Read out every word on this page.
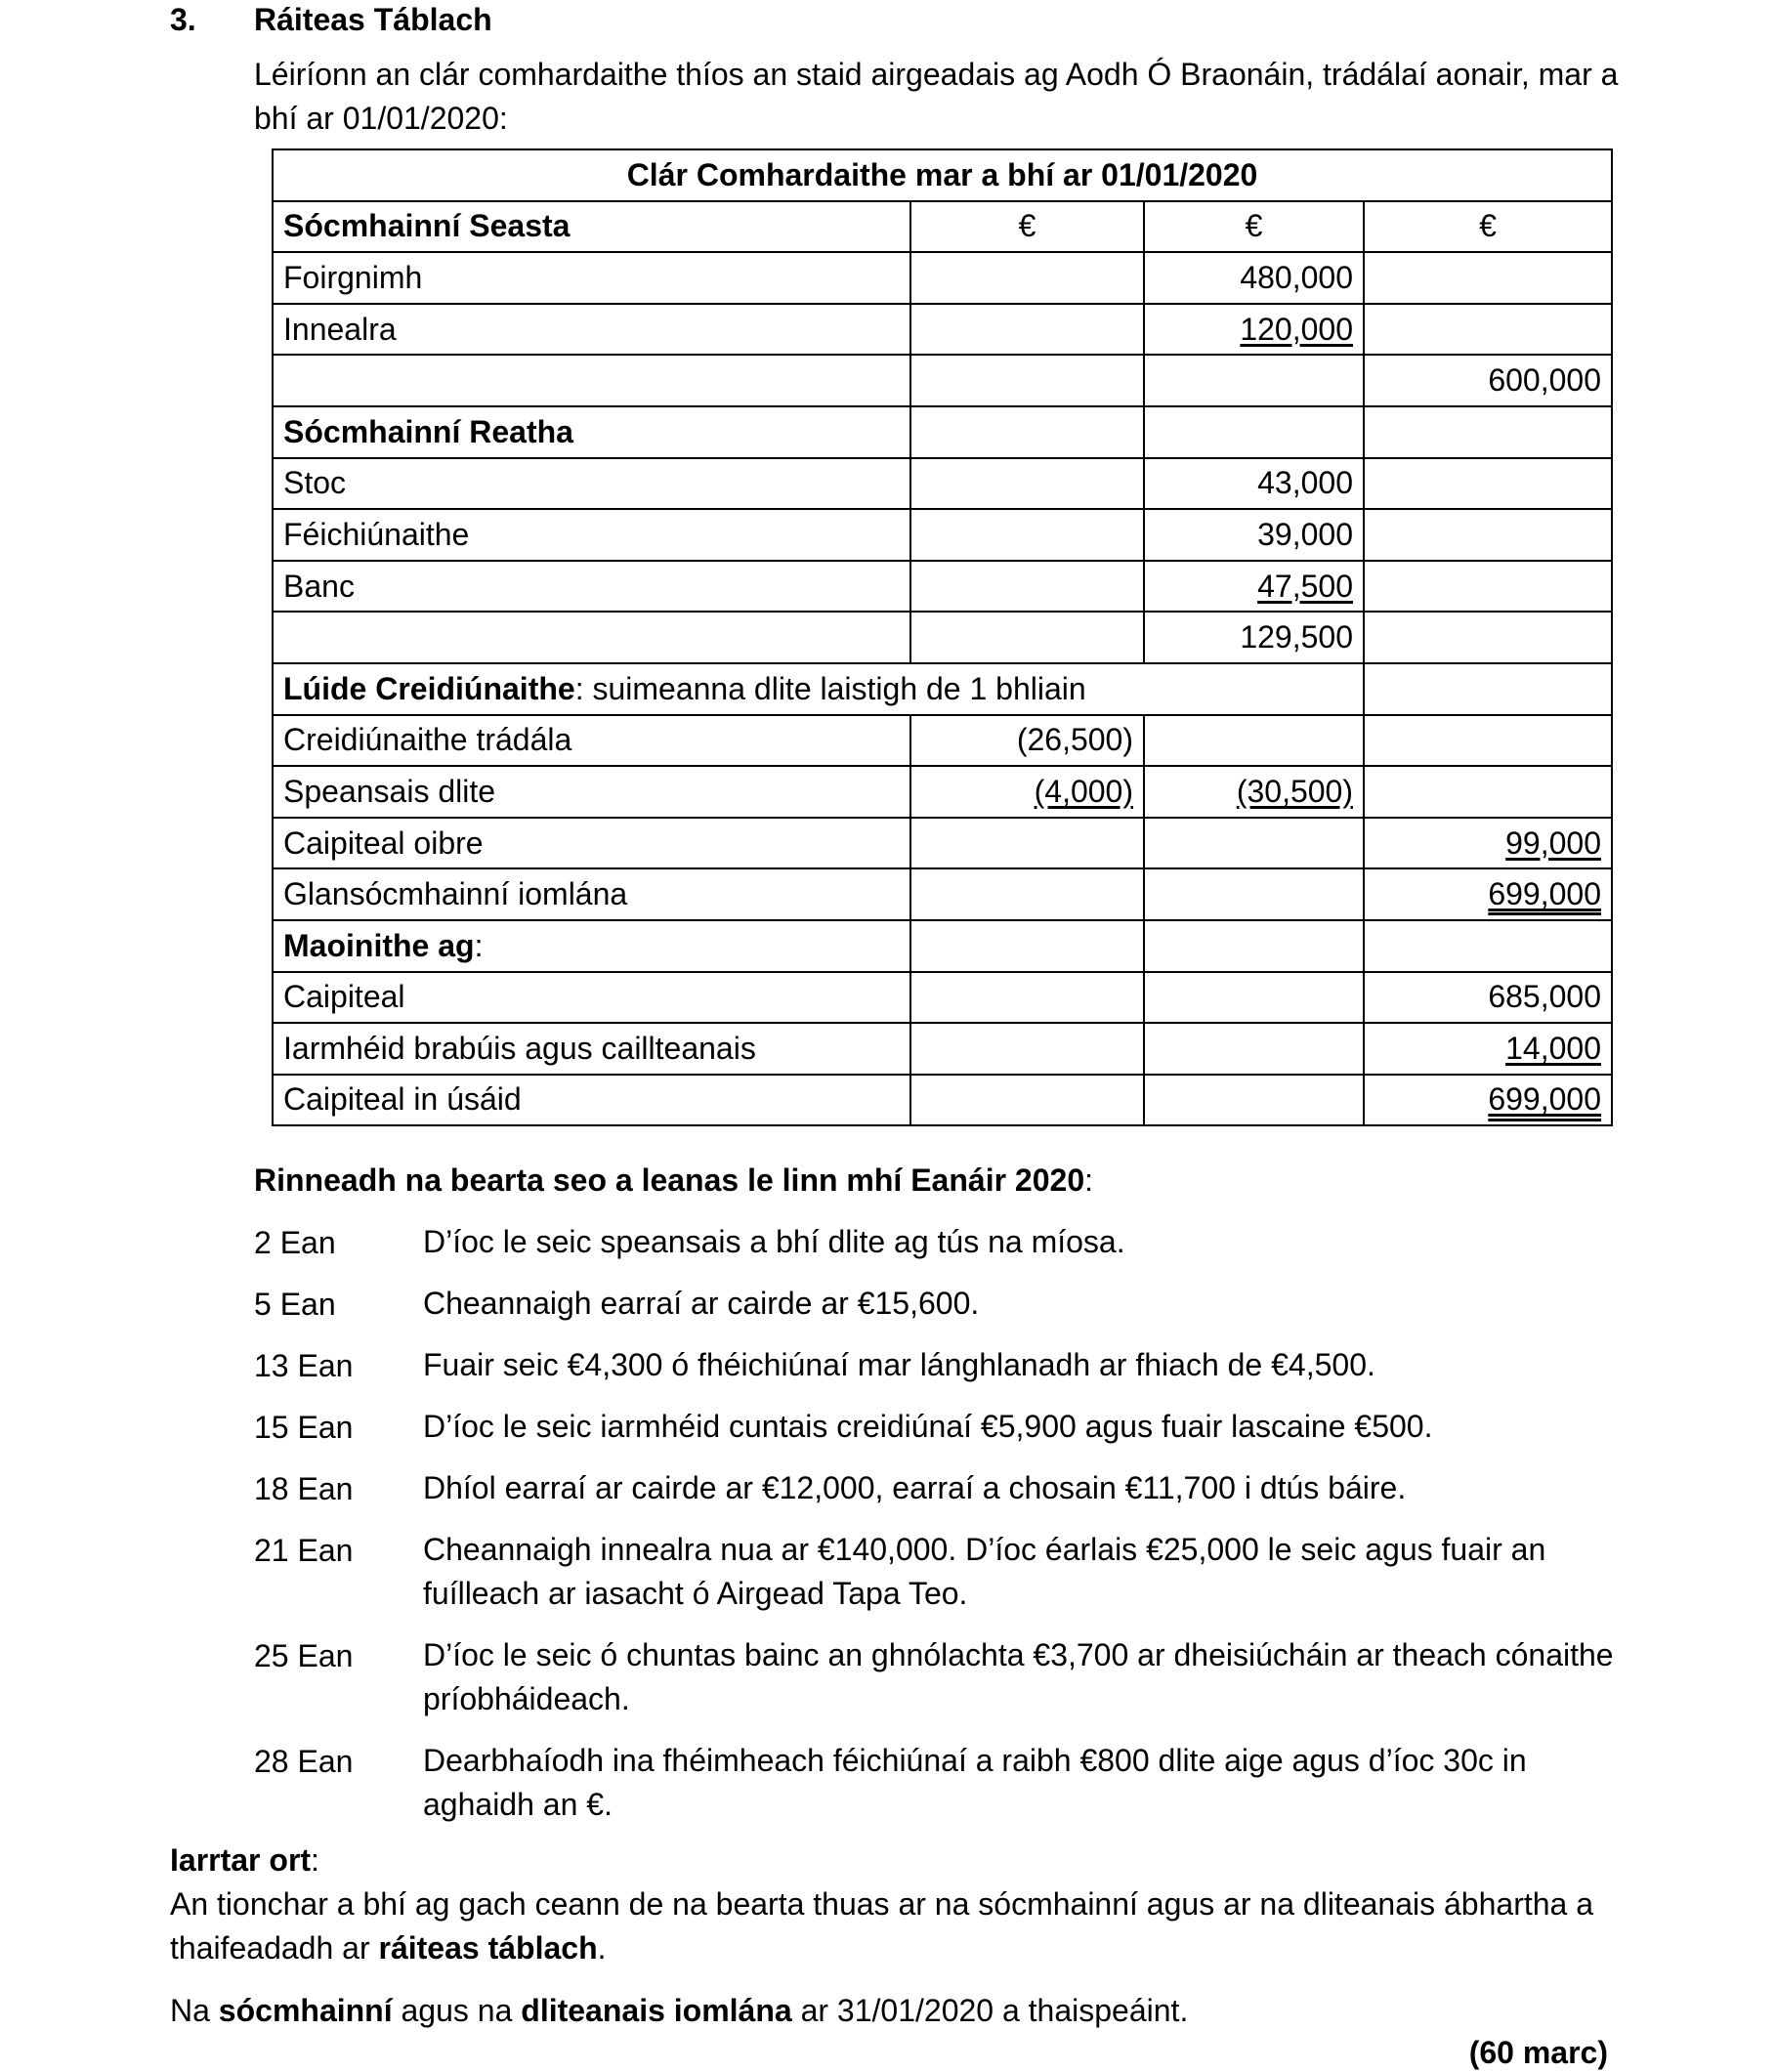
3. Ráiteas Táblach
Léiríonn an clár comhardaithe thíos an staid airgeadais ag Aodh Ó Braonáin, trádálaí aonair, mar a bhí ar 01/01/2020:
Clár Comhardaithe mar a bhí ar 01/01/2020			
Sócmhainní Seasta	€	€	€
Foirgnimh		480,000	
Innealra		120,000	
			600,000
Sócmhainní Reatha			
Stoc		43,000	
Féichiúnaithe		39,000	
Banc		47,500	
		129,500	
Lúide Creidiúnaithe: suimeanna dlite laistigh de 1 bhliain			
Creidiúnaithe trádála	(26,500)		
Speansais dlite	(4,000)	(30,500)	
Caipiteal oibre			99,000
Glansócmhainní iomlána			699,000
Maoinithe ag:			
Caipiteal			685,000
Iarmhéid brabúis agus caillteanais			14,000
Caipiteal in úsáid			699,000
Rinneadh na bearta seo a leanas le linn mhí Eanáir 2020:
2 Ean	D’íoc le seic speansais a bhí dlite ag tús na míosa.
5 Ean	Cheannaigh earraí ar cairde ar €15,600.
13 Ean Fuair seic €4,300 ó fhéichiúnaí mar lánghlanadh ar fhiach de €4,500.
15 Ean D’íoc le seic iarmhéid cuntais creidiúnaí €5,900 agus fuair lascaine €500.
18 Ean Dhíol earraí ar cairde ar €12,000, earraí a chosain €11,700 i dtús báire.
21 Ean Cheannaigh innealra nua ar €140,000. D’íoc éarlais €25,000 le seic agus fuair an fuílleach ar iasacht ó Airgead Tapa Teo.
25 Ean D’íoc le seic ó chuntas bainc an ghnólachta €3,700 ar dheisiúcháin ar theach cónaithe príobháideach.
28 Ean Dearbhaíodh ina fhéimheach féichiúnaí a raibh €800 dlite aige agus d’íoc 30c in aghaidh an €.
Iarrtar ort:
An tionchar a bhí ag gach ceann de na bearta thuas ar na sócmhainní agus ar na dliteanais ábhartha a thaifeadadh ar ráiteas táblach.
Na sócmhainní agus na dliteanais iomlána ar 31/01/2020 a thaispeáint.
(60 marc)
